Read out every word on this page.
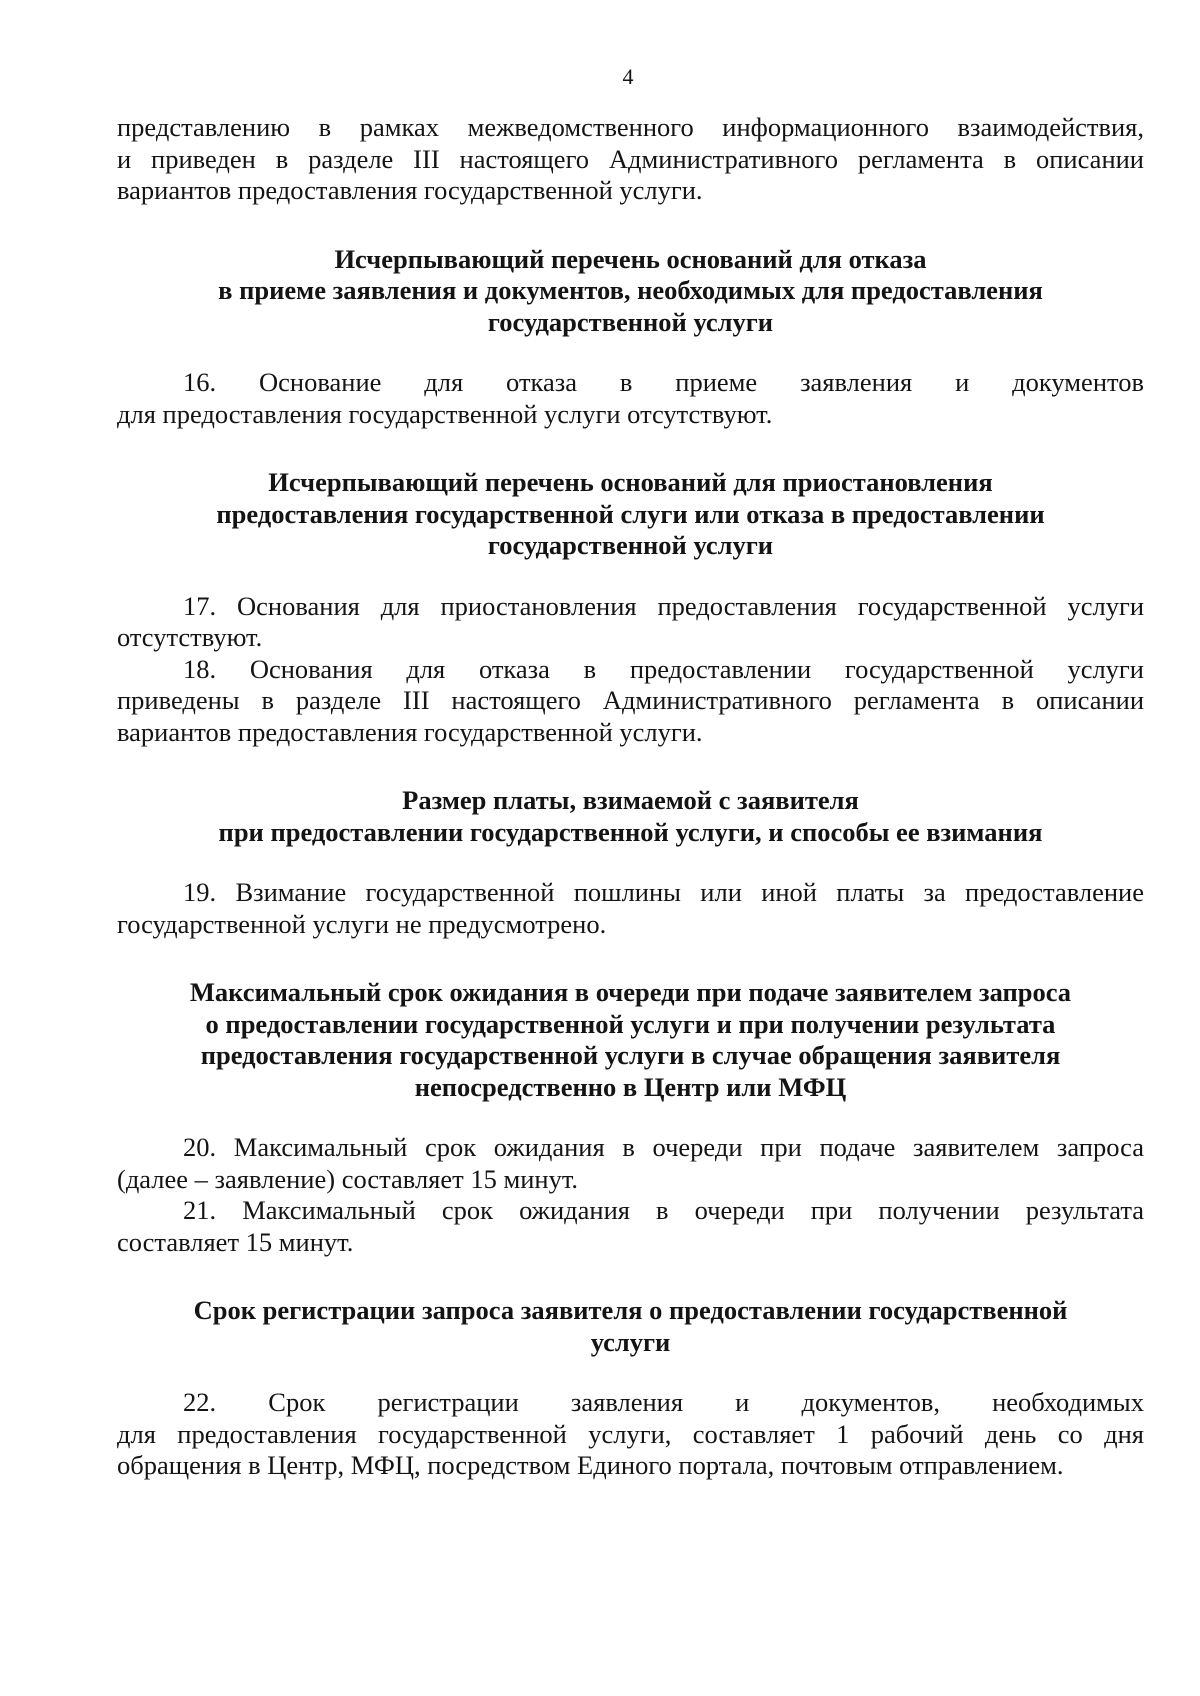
4

представлению в рамках межведомственного информационного взаимодействия,
и приведен в разделе III настоящего Административного регламента в описании
вариантов предоставления государственной услуги.

Исчерпывающий перечень оснований для отказа
в приеме заявления и документов, необходимых для предоставления
государственной услуги

16. Основание для отказа в приеме заявления и документов
для предоставления государственной услуги отсутствуют.

Исчерпывающий перечень оснований для приостановления
предоставления государственной слуги или отказа в предоставлении
государственной услуги

17. Основания для приостановления предоставления государственной услуги
отсутствуют.

18. Основания для отказа в предоставлении государственной услуги
приведены в разделе III настоящего Административного регламента в описании
вариантов предоставления государственной услуги.

Размер платы, взимаемой с заявителя
при предоставлении государственной услуги, и способы ее взимания

19. Взимание государственной пошлины или иной платы за предоставление
государственной услуги не предусмотрено.

Максимальный срок ожидания в очереди при подаче заявителем запроса
о предоставлении государственной услуги и при получении результата
предоставления государственной услуги в случае обращения заявителя
непосредственно в Центр или МФЦ

20. Максимальный срок ожидания в очереди при подаче заявителем запроса
(далее – заявление) составляет 15 минут.

21. Максимальный срок ожидания в очереди при получении результата
составляет 15 минут.

Срок регистрации запроса заявителя о предоставлении государственной
услуги

22. Срок регистрации заявления и документов, необходимых
для предоставления государственной услуги, составляет 1 рабочий день со дня
обращения в Центр, МФЦ, посредством Единого портала, почтовым отправлением.
